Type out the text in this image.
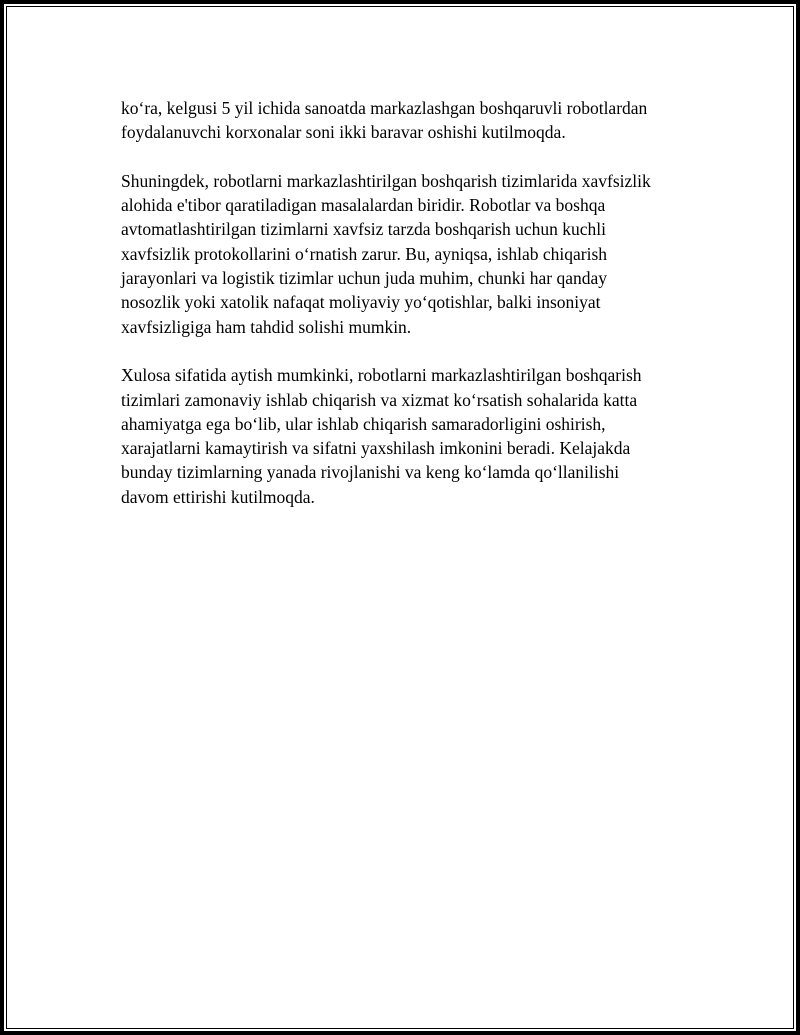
ko‘ra, kelgusi 5 yil ichida sanoatda markazlashgan boshqaruvli robotlardan
foydalanuvchi korxonalar soni ikki baravar oshishi kutilmoqda.

Shuningdek, robotlarni markazlashtirilgan boshqarish tizimlarida xavfsizlik
alohida e'tibor qaratiladigan masalalardan biridir. Robotlar va boshqa
avtomatlashtirilgan tizimlarni xavfsiz tarzda boshqarish uchun kuchli
xavfsizlik protokollarini o‘rnatish zarur. Bu, ayniqsa, ishlab chiqarish
jarayonlari va logistik tizimlar uchun juda muhim, chunki har qanday
nosozlik yoki xatolik nafaqat moliyaviy yo‘qotishlar, balki insoniyat
xavfsizligiga ham tahdid solishi mumkin.

Xulosa sifatida aytish mumkinki, robotlarni markazlashtirilgan boshqarish
tizimlari zamonaviy ishlab chiqarish va xizmat ko‘rsatish sohalarida katta
ahamiyatga ega bo‘lib, ular ishlab chiqarish samaradorligini oshirish,
xarajatlarni kamaytirish va sifatni yaxshilash imkonini beradi. Kelajakda
bunday tizimlarning yanada rivojlanishi va keng ko‘lamda qo‘llanilishi
davom ettirishi kutilmoqda.
